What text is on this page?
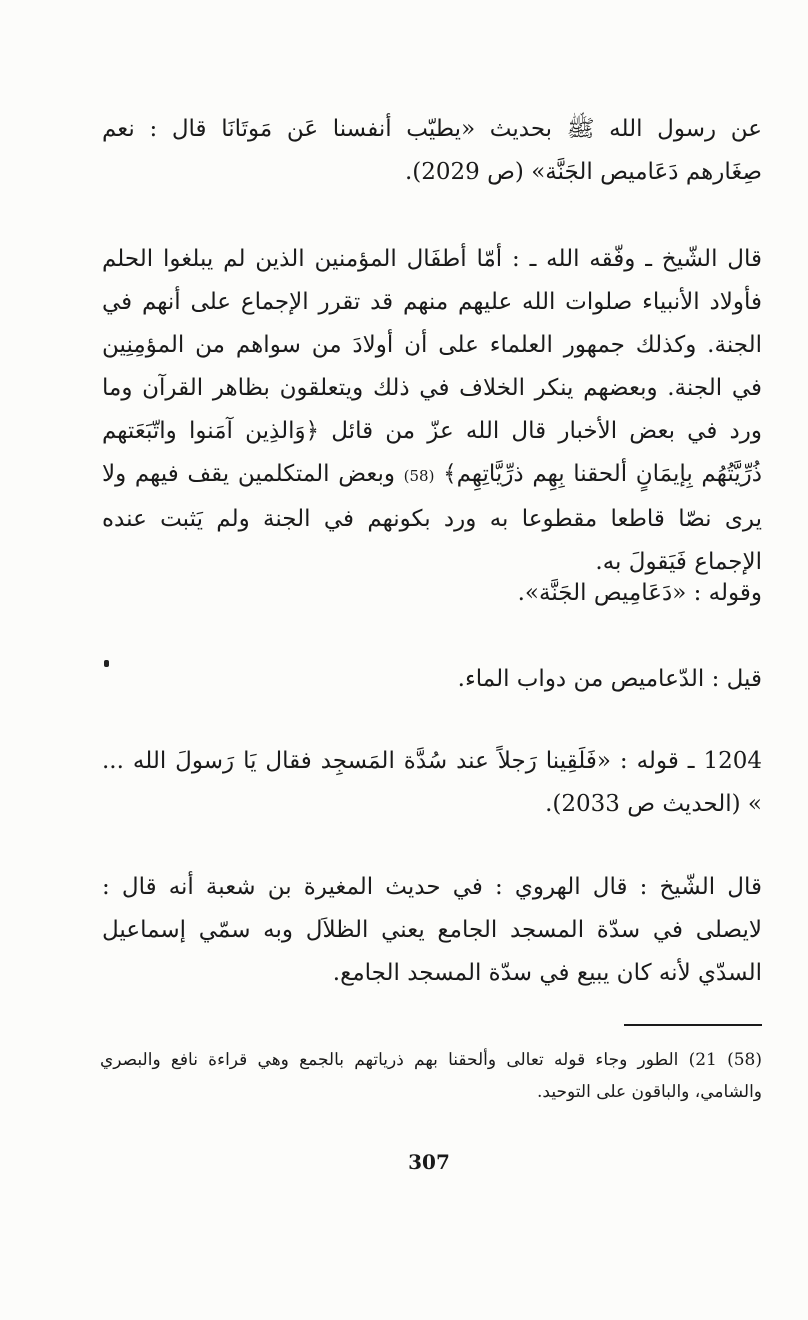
عن رسول الله ﷺ بحديث «يطيّب أنفسنا عَن مَوتَانَا قال : نعم صِغَارهم دَعَاميص الجَنَّة» (ص 2029).

قال الشّيخ ـ وفّقه الله ـ : أمّا أطفَال المؤمنين الذين لم يبلغوا الحلم فأولاد الأنبياء صلوات الله عليهم منهم قد تقرر الإجماع على أنهم في الجنة. وكذلك جمهور العلماء على أن أولادَ من سواهم من المؤمِنِين في الجنة. وبعضهم ينكر الخلاف في ذلك ويتعلقون بظاهر القرآن وما ورد في بعض الأخبار قال الله عزّ من قائل ﴿وَالذِين آمَنوا واتّبَعَتهم ذُرِّيَّتُهُم بِإيمَانٍ ألحقنا بِهِم ذرِّيَّاتِهِم﴾ (58) وبعض المتكلمين يقف فيهم ولا يرى نصّا قاطعا مقطوعا به ورد بكونهم في الجنة ولم يَثبت عنده الإجماع فَيَقولَ به.

وقوله : «دَعَامِيص الجَنَّة».

قيل : الدّعاميص من دواب الماء.

1204 ـ قوله : «فَلَقِينا رَجلاً عند سُدَّة المَسجِد فقال يَا رَسولَ الله ... » (الحديث ص 2033).

قال الشّيخ : قال الهروي : في حديث المغيرة بن شعبة أنه قال : لايصلى في سدّة المسجد الجامع يعني الظلاَل وبه سمّي إسماعيل السدّي لأنه كان يبيع في سدّة المسجد الجامع.

(58) 21) الطور وجاء قوله تعالى وألحقنا بهم ذرياتهم بالجمع وهي قراءة نافع والبصري والشامي، والباقون على التوحيد.

307
